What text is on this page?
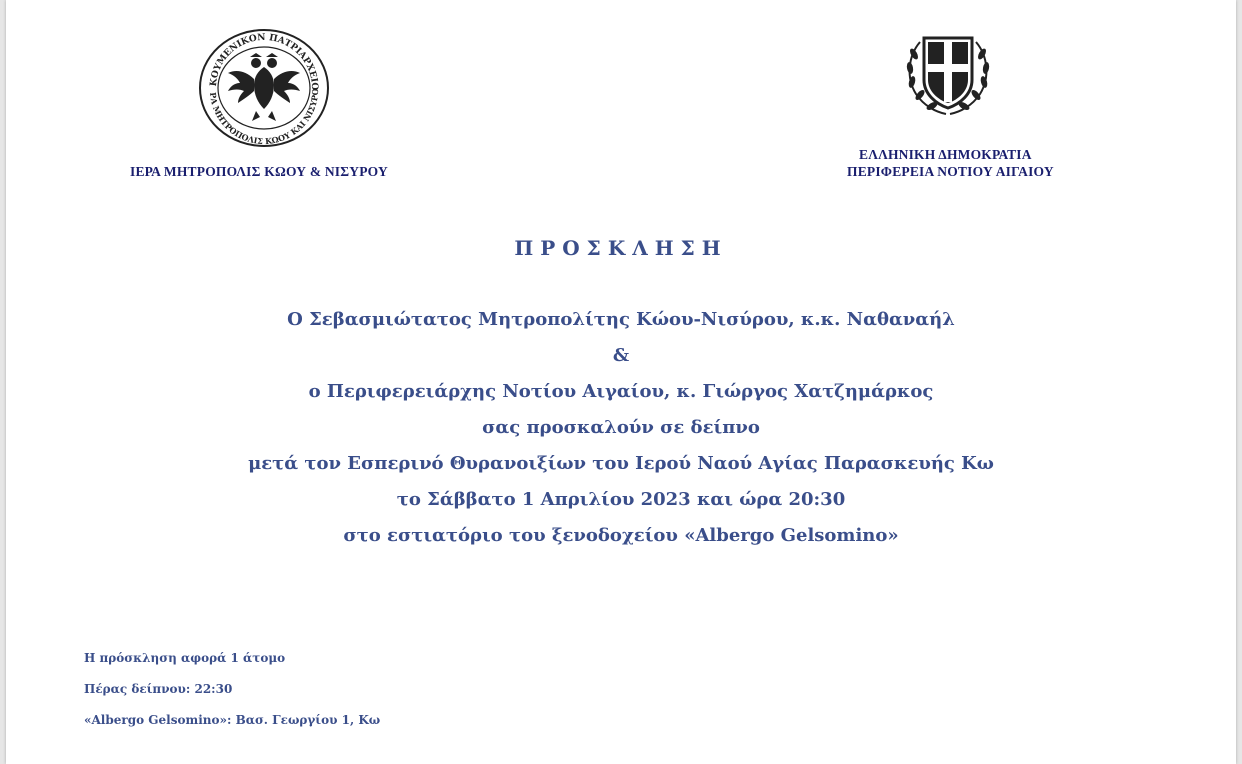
ΚΟΥΜΕΝΙΚΟΝ ΠΑΤΡΙΑΡΧΕΙΟ
ΡΑ ΜΗΤΡΟΠΟΛΙΣ ΚΩΟΥ ΚΑΙ ΝΙΣΥΡΟ
ΙΕΡΑ ΜΗΤΡΟΠΟΛΙΣ ΚΩΟΥ & ΝΙΣΥΡΟΥ
ΕΛΛΗΝΙΚΗ ΔΗΜΟΚΡΑΤΙΑ
ΠΕΡΙΦΕΡΕΙΑ ΝΟΤΙΟΥ ΑΙΓΑΙΟΥ
ΠΡΟΣΚΛΗΣΗ
Ο Σεβασμιώτατος Μητροπολίτης Κώου-Νισύρου, κ.κ. Ναθαναήλ
&
ο Περιφερειάρχης Νοτίου Αιγαίου, κ. Γιώργος Χατζημάρκος
σας προσκαλούν σε δείπνο
μετά τον Εσπερινό Θυρανοιξίων του Ιερού Ναού Αγίας Παρασκευής Κω
το Σάββατο 1 Απριλίου 2023 και ώρα 20:30
στο εστιατόριο του ξενοδοχείου «Albergo Gelsomino»
Η πρόσκληση αφορά 1 άτομο
Πέρας δείπνου: 22:30
«Albergo Gelsomino»: Βασ. Γεωργίου 1, Κω
